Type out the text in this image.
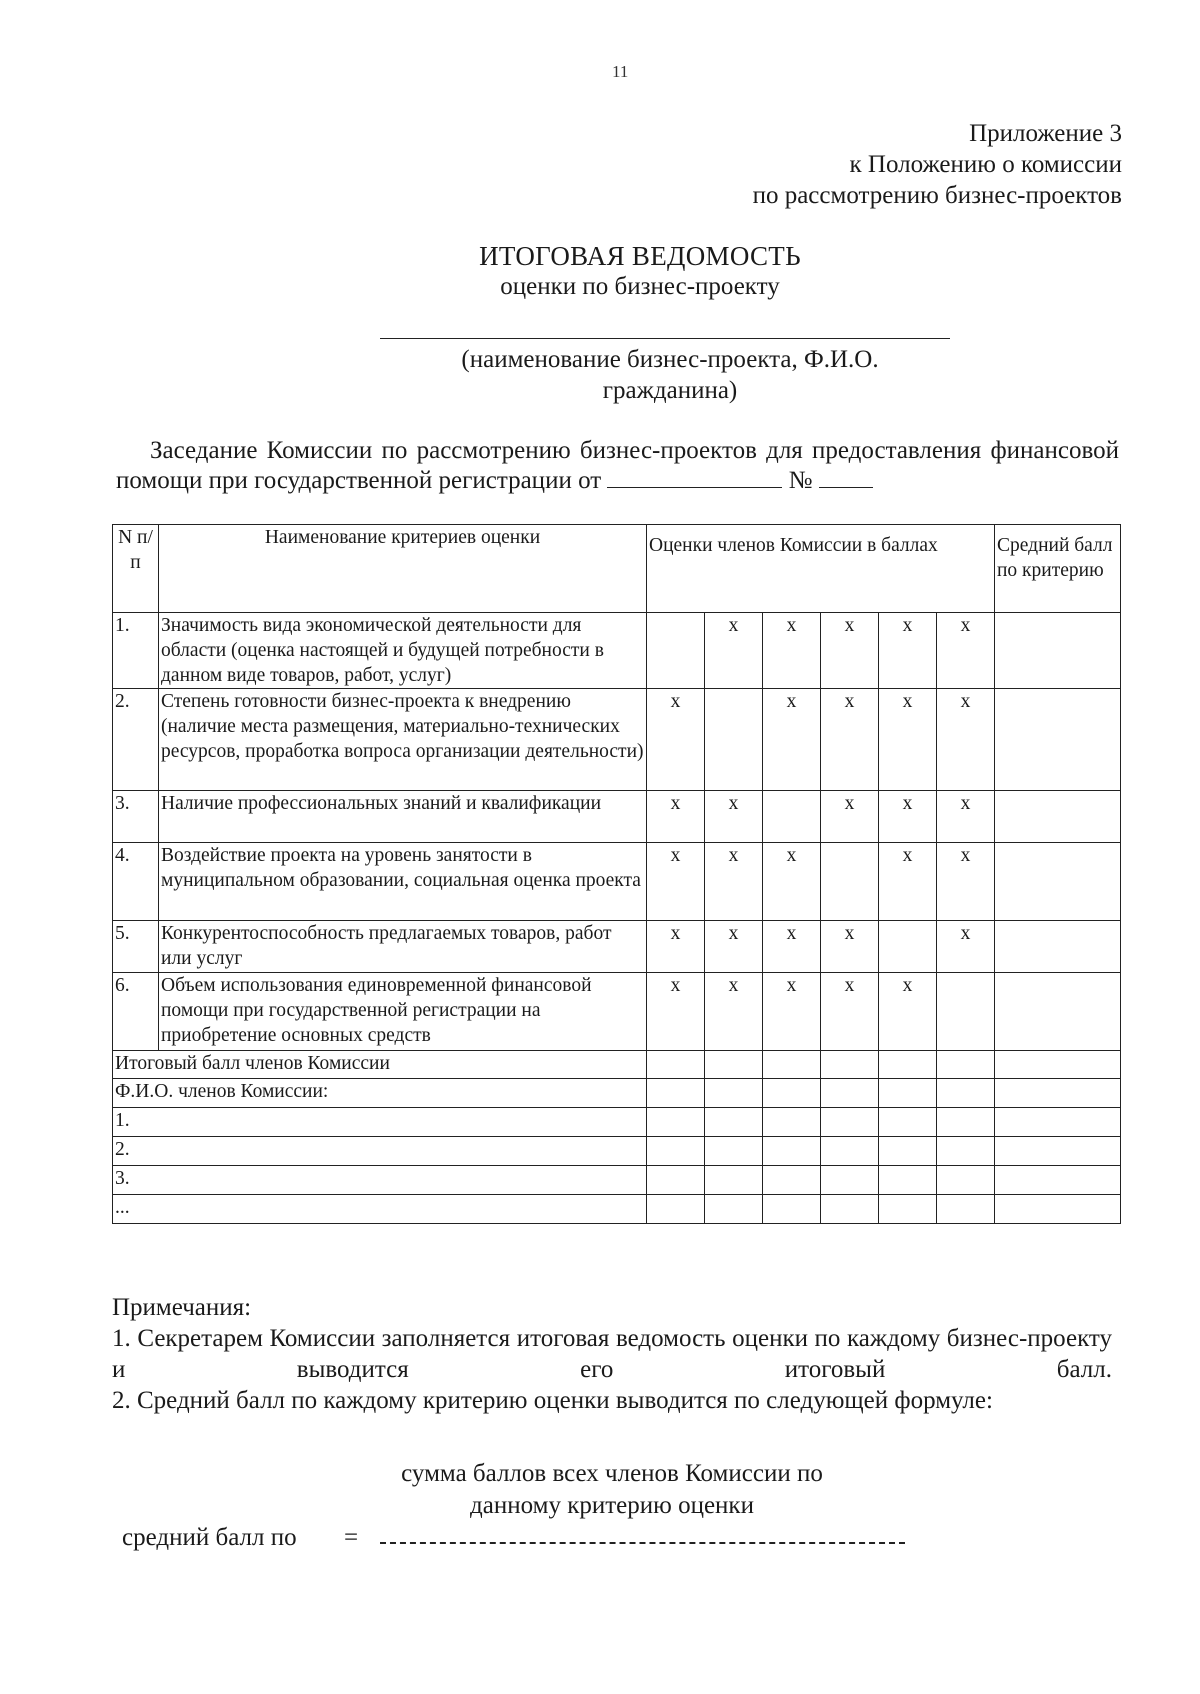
11
Приложение 3
к Положению о комиссии
по рассмотрению бизнес-проектов
ИТОГОВАЯ ВЕДОМОСТЬ
оценки по бизнес-проекту
(наименование бизнес-проекта, Ф.И.О.
гражданина)
Заседание Комиссии по рассмотрению бизнес-проектов для предоставления финансовой помощи при государственной регистрации от	№
N п/п	Наименование критериев оценки	Оценки членов Комиссии в баллах						Средний балл по критерию
1.	Значимость вида экономической деятельности для области (оценка настоящей и будущей потребности в данном виде товаров, работ, услуг)		x	x	x	x	x	
2.	Степень готовности бизнес-проекта к внедрению (наличие места размещения, материально-технических ресурсов, проработка вопроса организации деятельности)	x		x	x	x	x	
3.	Наличие профессиональных знаний и квалификации	x	x		x	x	x	
4.	Воздействие проекта на уровень занятости в муниципальном образовании, социальная оценка проекта	x	x	x		x	x	
5.	Конкурентоспособность предлагаемых товаров, работ или услуг	x	x	x	x		x	
6.	Объем использования единовременной финансовой помощи при государственной регистрации на приобретение основных средств	x	x	x	x	x		
Итоговый балл членов Комиссии								
Ф.И.О. членов Комиссии:								
1.								
2.								
3.								
...								

Примечания:

1. Секретарем Комиссии заполняется итоговая ведомость оценки по каждому бизнес-проекту и выводится его итоговый балл.

2. Средний балл по каждому критерию оценки выводится по следующей формуле:

сумма баллов всех членов Комиссии по
данному критерию оценки
средний балл по =
